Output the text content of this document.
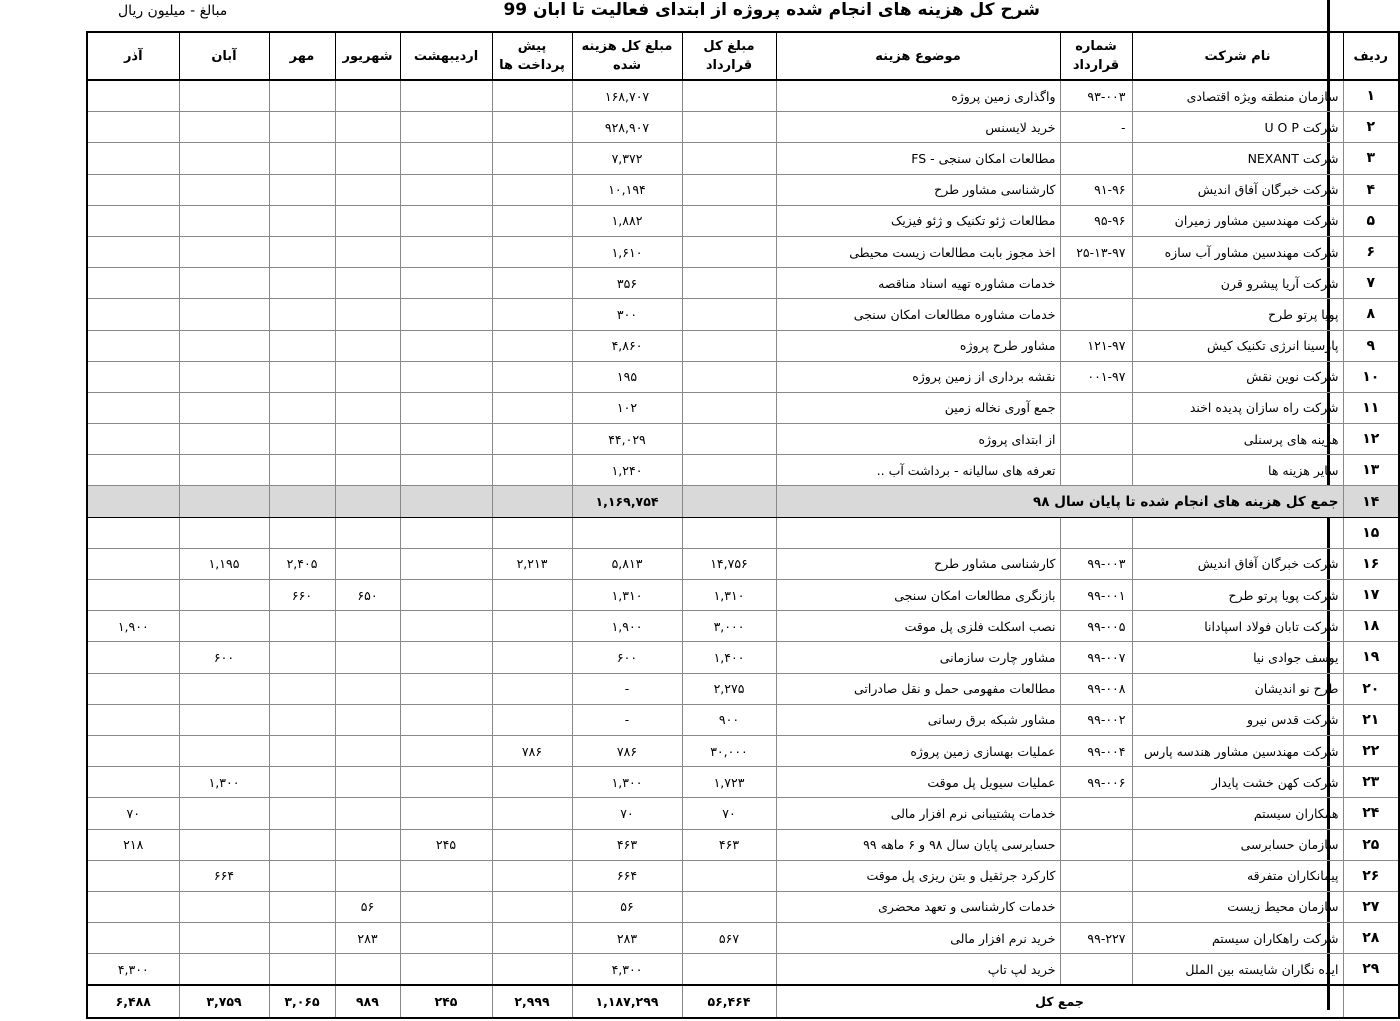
مبالغ - میلیون ریال	شرح کل هزینه های انجام شده پروژه از ابتدای فعالیت تا ابان 99
ردیف	نام شرکت	شماره قرارداد	موضوع هزینه	مبلغ کل قرارداد	مبلغ کل هزینه شده	پیش پرداخت ها	اردیبهشت	شهریور	مهر	آبان	آذر
۱	سازمان منطقه ویژه اقتصادی	۹۳-۰۰۳	واگذاری زمین پروژه		۱۶۸,۷۰۷						
۲	شرکت U O P	-	خرید لایسنس		۹۲۸,۹۰۷						
۳	شرکت NEXANT		مطالعات امکان سنجی - FS		۷,۳۷۲						
۴	شرکت خبرگان آفاق اندیش	۹۱-۹۶	کارشناسی مشاور طرح		۱۰,۱۹۴						
۵	شرکت مهندسین مشاور زمیران	۹۵-۹۶	مطالعات ژئو تکنیک و ژئو فیزیک		۱,۸۸۲						
۶	شرکت مهندسین مشاور آب سازه	۲۵-۱۳-۹۷	اخذ مجوز بابت مطالعات زیست محیطی		۱,۶۱۰						
۷	شرکت آریا پیشرو قرن		خدمات مشاوره تهیه اسناد مناقصه		۳۵۶						
۸	پویا پرتو طرح		خدمات مشاوره مطالعات امکان سنجی		۳۰۰						
۹	پارسینا انرژی تکنیک کیش	۱۲۱-۹۷	مشاور طرح پروژه		۴,۸۶۰						
۱۰	شرکت نوین نقش	۰۰۱-۹۷	نقشه برداری از زمین پروژه		۱۹۵						
۱۱	شرکت راه سازان پدیده اخند		جمع آوری نخاله زمین		۱۰۲						
۱۲	هزینه های پرسنلی		از ابتدای پروژه		۴۴,۰۲۹						
۱۳	سایر هزینه ها		تعرفه های سالیانه - برداشت آب ..		۱,۲۴۰						
۱۴	جمع کل هزینه های انجام شده تا پایان سال ۹۸				۱,۱۶۹,۷۵۴						
۱۵											
۱۶	شرکت خبرگان آفاق اندیش	۹۹-۰۰۳	کارشناسی مشاور طرح	۱۴,۷۵۶	۵,۸۱۳	۲,۲۱۳			۲,۴۰۵	۱,۱۹۵	
۱۷	شرکت پویا پرتو طرح	۹۹-۰۰۱	بازنگری مطالعات امکان سنجی	۱,۳۱۰	۱,۳۱۰			۶۵۰	۶۶۰		
۱۸	شرکت تابان فولاد اسپادانا	۹۹-۰۰۵	نصب اسکلت فلزی پل موقت	۳,۰۰۰	۱,۹۰۰						۱,۹۰۰
۱۹	یوسف جوادی نیا	۹۹-۰۰۷	مشاور چارت سازمانی	۱,۴۰۰	۶۰۰					۶۰۰	
۲۰	طرح نو اندیشان	۹۹-۰۰۸	مطالعات مفهومی حمل و نقل صادراتی	۲,۲۷۵	-						
۲۱	شرکت قدس نیرو	۹۹-۰۰۲	مشاور شبکه برق رسانی	۹۰۰	-						
۲۲	شرکت مهندسین مشاور هندسه پارس	۹۹-۰۰۴	عملیات بهسازی زمین پروژه	۳۰,۰۰۰	۷۸۶	۷۸۶					
۲۳	شرکت کهن خشت پایدار	۹۹-۰۰۶	عملیات سیویل پل موقت	۱,۷۲۳	۱,۳۰۰					۱,۳۰۰	
۲۴	همکاران سیستم		خدمات پشتیبانی نرم افزار مالی	۷۰	۷۰						۷۰
۲۵	سازمان حسابرسی		حسابرسی پایان سال ۹۸ و ۶ ماهه ۹۹	۴۶۳	۴۶۳		۲۴۵				۲۱۸
۲۶	پیمانکاران متفرقه		کارکرد جرثقیل و بتن ریزی پل موقت		۶۶۴					۶۶۴	
۲۷	سازمان محیط زیست		خدمات کارشناسی و تعهد محضری		۵۶			۵۶			
۲۸	شرکت راهکاران سیستم	۹۹-۲۲۷	خرید نرم افزار مالی	۵۶۷	۲۸۳			۲۸۳			
۲۹	ایده نگاران شایسته بین الملل		خرید لپ تاپ		۴,۳۰۰						۴,۳۰۰
	جمع کل			۵۶,۴۶۴	۱,۱۸۷,۲۹۹	۲,۹۹۹	۲۴۵	۹۸۹	۳,۰۶۵	۳,۷۵۹	۶,۴۸۸
